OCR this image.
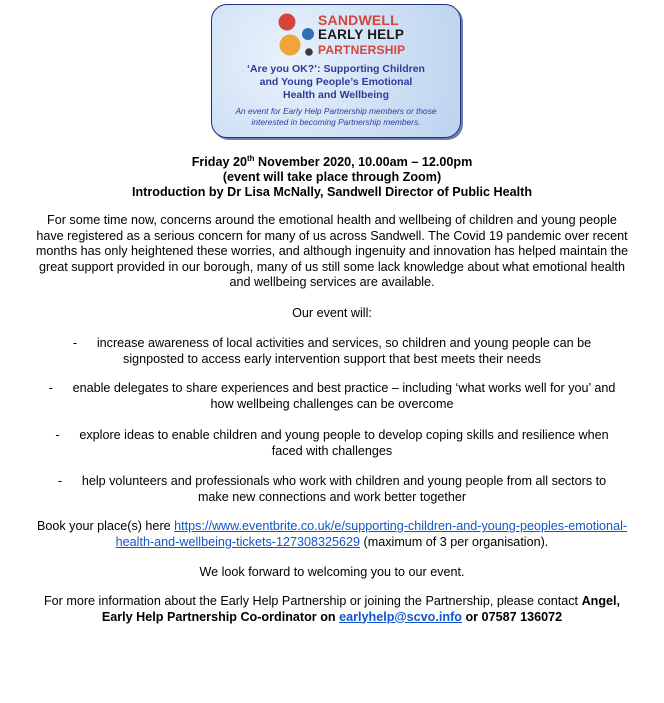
SANDWELL
EARLY HELP
PARTNERSHIP
‘Are you OK?’: Supporting Children
and Young People’s Emotional
Health and Wellbeing
An event for Early Help Partnership members or those
interested in becoming Partnership members.
Friday 20th November 2020, 10.00am – 12.00pm
(event will take place through Zoom)
Introduction by Dr Lisa McNally, Sandwell Director of Public Health
For some time now, concerns around the emotional health and wellbeing of children and young people
have registered as a serious concern for many of us across Sandwell. The Covid 19 pandemic over recent
months has only heightened these worries, and although ingenuity and innovation has helped maintain the
great support provided in our borough, many of us still some lack knowledge about what emotional health
and wellbeing services are available.
Our event will:
- increase awareness of local activities and services, so children and young people can be
signposted to access early intervention support that best meets their needs
- enable delegates to share experiences and best practice – including ‘what works well for you’ and
how wellbeing challenges can be overcome
- explore ideas to enable children and young people to develop coping skills and resilience when
faced with challenges
- help volunteers and professionals who work with children and young people from all sectors to
make new connections and work better together
Book your place(s) here https://www.eventbrite.co.uk/e/supporting-children-and-young-peoples-emotional-
health-and-wellbeing-tickets-127308325629 (maximum of 3 per organisation).
We look forward to welcoming you to our event.
For more information about the Early Help Partnership or joining the Partnership, please contact Angel,
Early Help Partnership Co-ordinator on earlyhelp@scvo.info or 07587 136072
